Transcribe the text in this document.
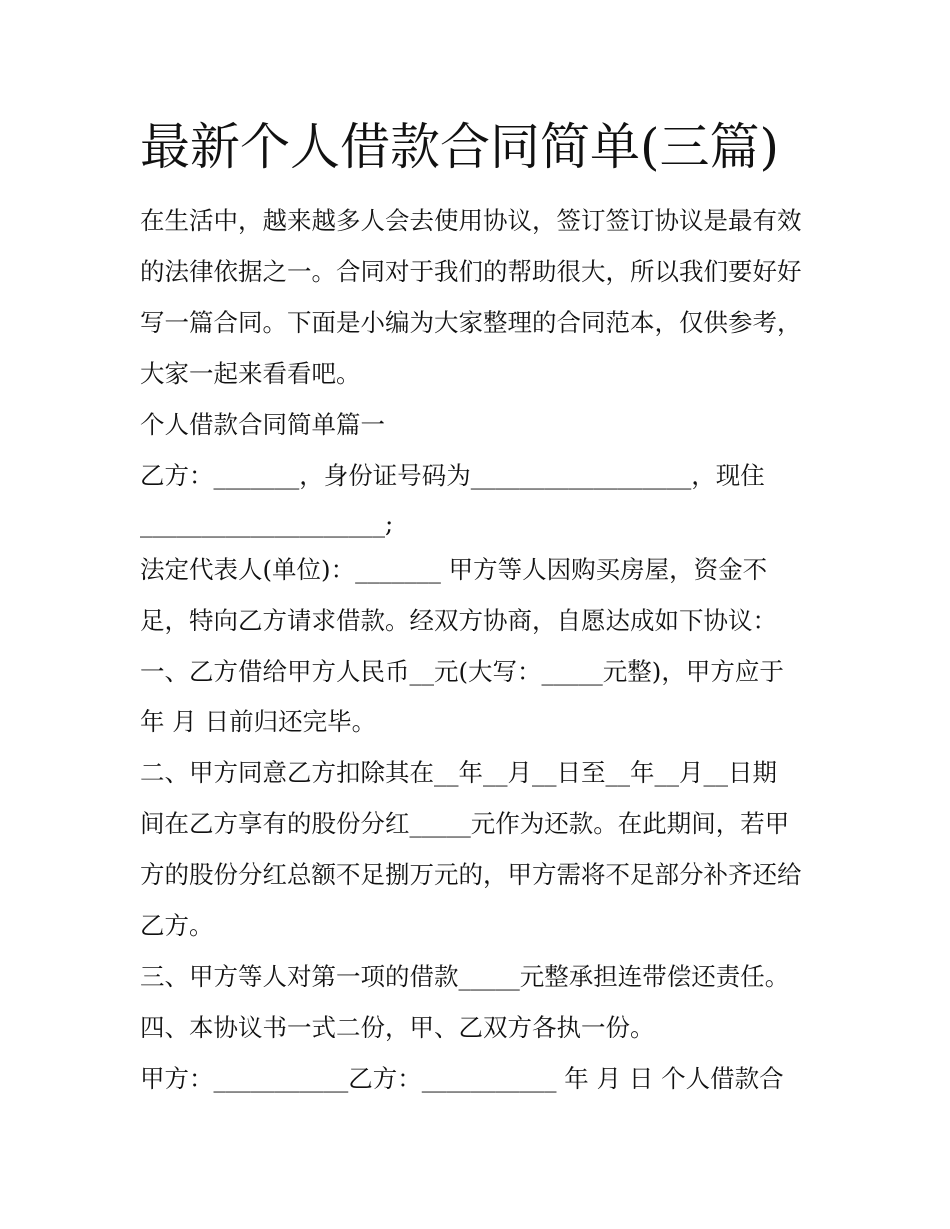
最新个人借款合同简单(三篇)

在生活中，越来越多人会去使用协议，签订签订协议是最有效

的法律依据之一。合同对于我们的帮助很大，所以我们要好好

写一篇合同。下面是小编为大家整理的合同范本，仅供参考，

大家一起来看看吧。

个人借款合同简单篇一

乙方：_______，身份证号码为__________________，现住

____________________;

法定代表人(单位)：_______ 甲方等人因购买房屋，资金不

足，特向乙方请求借款。经双方协商，自愿达成如下协议：

一、乙方借给甲方人民币__元(大写：_____元整)，甲方应于

年 月 日前归还完毕。

二、甲方同意乙方扣除其在__年__月__日至__年__月__日期

间在乙方享有的股份分红_____元作为还款。在此期间，若甲

方的股份分红总额不足捌万元的，甲方需将不足部分补齐还给

乙方。

三、甲方等人对第一项的借款_____元整承担连带偿还责任。

四、本协议书一式二份，甲、乙双方各执一份。

甲方：___________乙方：___________ 年 月 日 个人借款合
